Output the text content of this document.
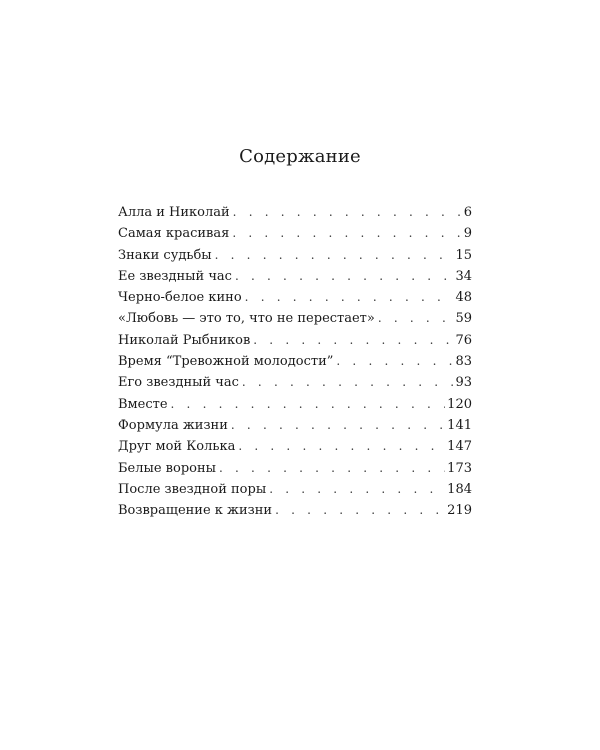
Содержание
Алла и Николай . . .	6
Самая красивая . . .	9
Знаки судьбы . . .	15
Ее звездный час . . .	34
Черно-белое кино . . .	48
«Любовь — это то, что не перестает» . . .	59
Николай Рыбников . . .	76
Время “Тревожной молодости” . . .	83
Его звездный час . . .	93
Вместе . . .	120
Формула жизни . . .	141
Друг мой Колька . . .	147
Белые вороны . . .	173
После звездной поры . . .	184
Возвращение к жизни . . .	219
